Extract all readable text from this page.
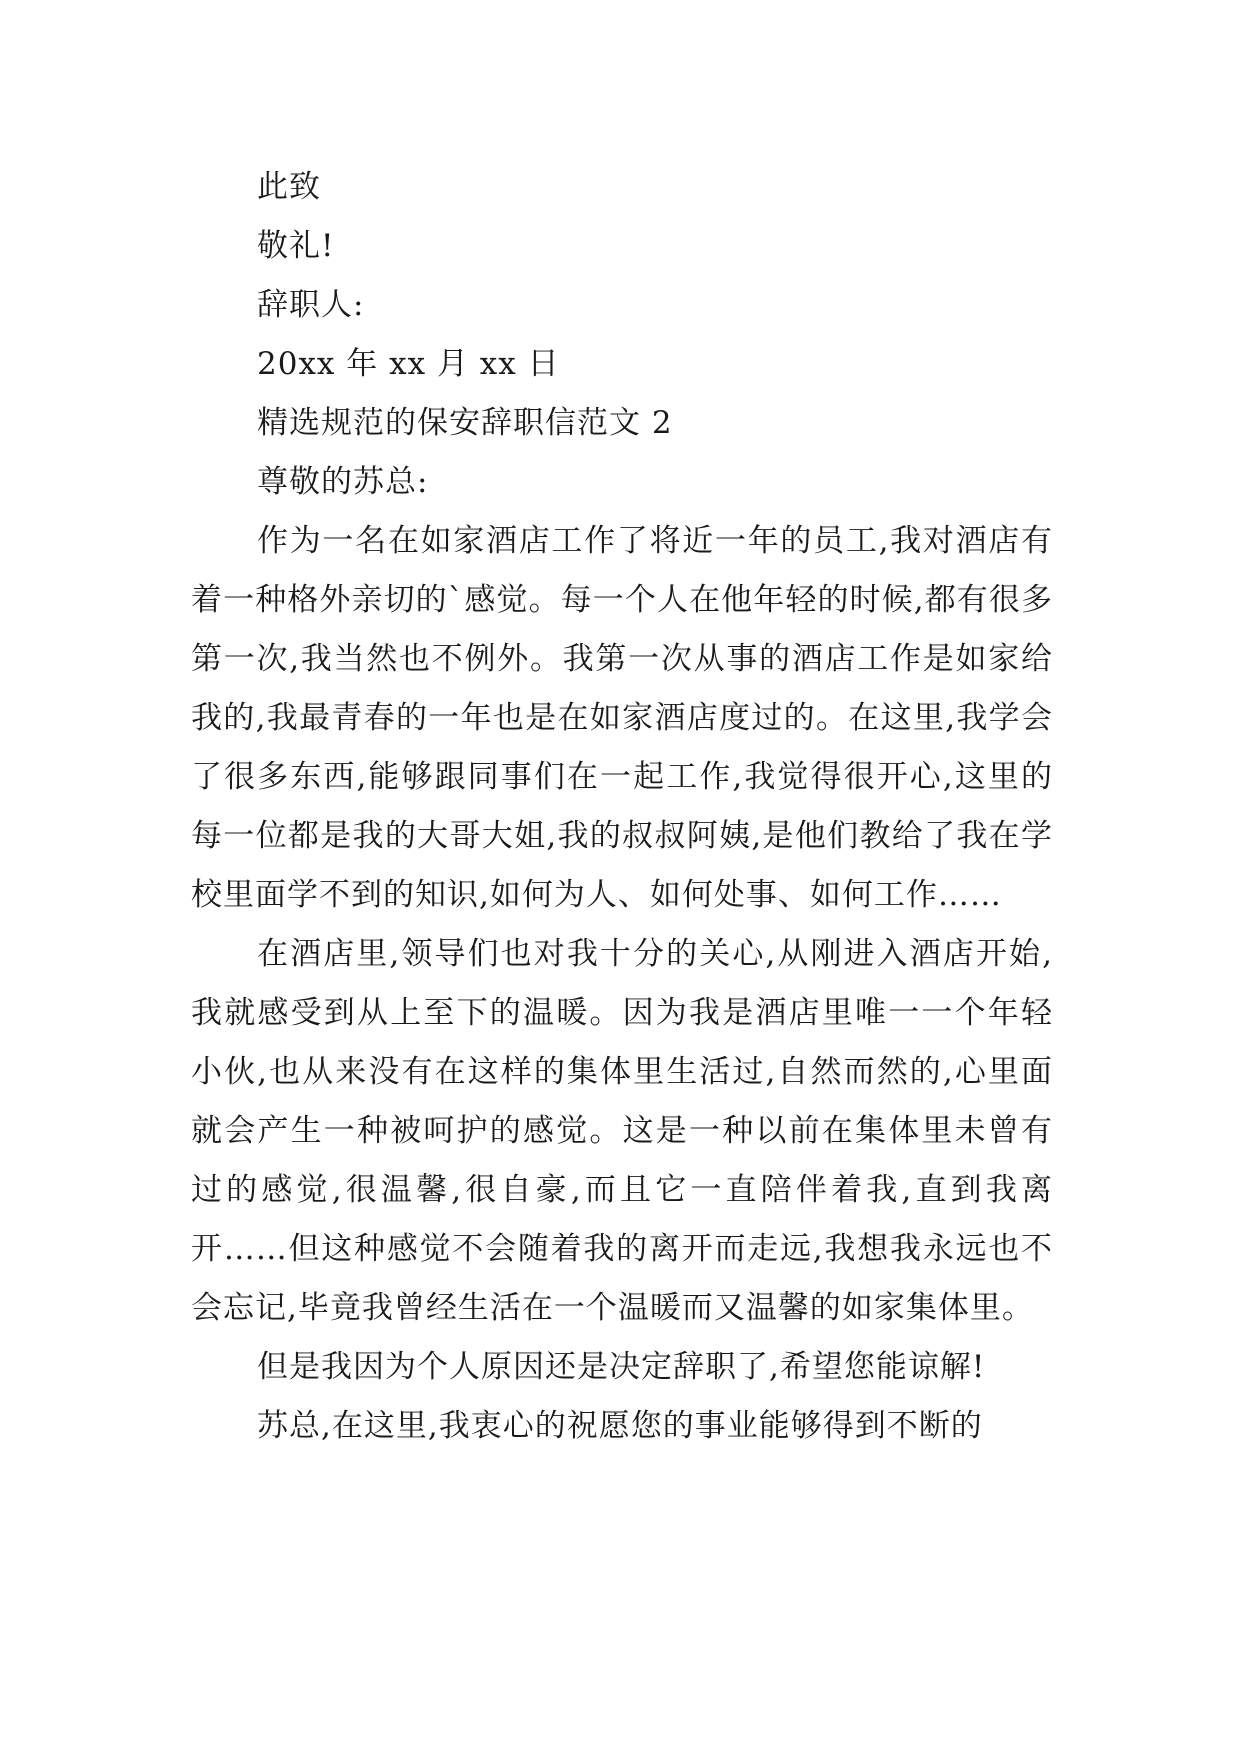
此致
敬礼!
辞职人:
20xx 年 xx 月 xx 日
精选规范的保安辞职信范文 2
尊敬的苏总:

作为一名在如家酒店工作了将近一年的员工,我对酒店有着一种格外亲切的`感觉。每一个人在他年轻的时候,都有很多第一次,我当然也不例外。我第一次从事的酒店工作是如家给我的,我最青春的一年也是在如家酒店度过的。在这里,我学会了很多东西,能够跟同事们在一起工作,我觉得很开心,这里的每一位都是我的大哥大姐,我的叔叔阿姨,是他们教给了我在学校里面学不到的知识,如何为人、如何处事、如何工作……

在酒店里,领导们也对我十分的关心,从刚进入酒店开始,我就感受到从上至下的温暖。因为我是酒店里唯一一个年轻小伙,也从来没有在这样的集体里生活过,自然而然的,心里面就会产生一种被呵护的感觉。这是一种以前在集体里未曾有过的感觉,很温馨,很自豪,而且它一直陪伴着我,直到我离开……但这种感觉不会随着我的离开而走远,我想我永远也不会忘记,毕竟我曾经生活在一个温暖而又温馨的如家集体里。

但是我因为个人原因还是决定辞职了,希望您能谅解!

苏总,在这里,我衷心的祝愿您的事业能够得到不断的
